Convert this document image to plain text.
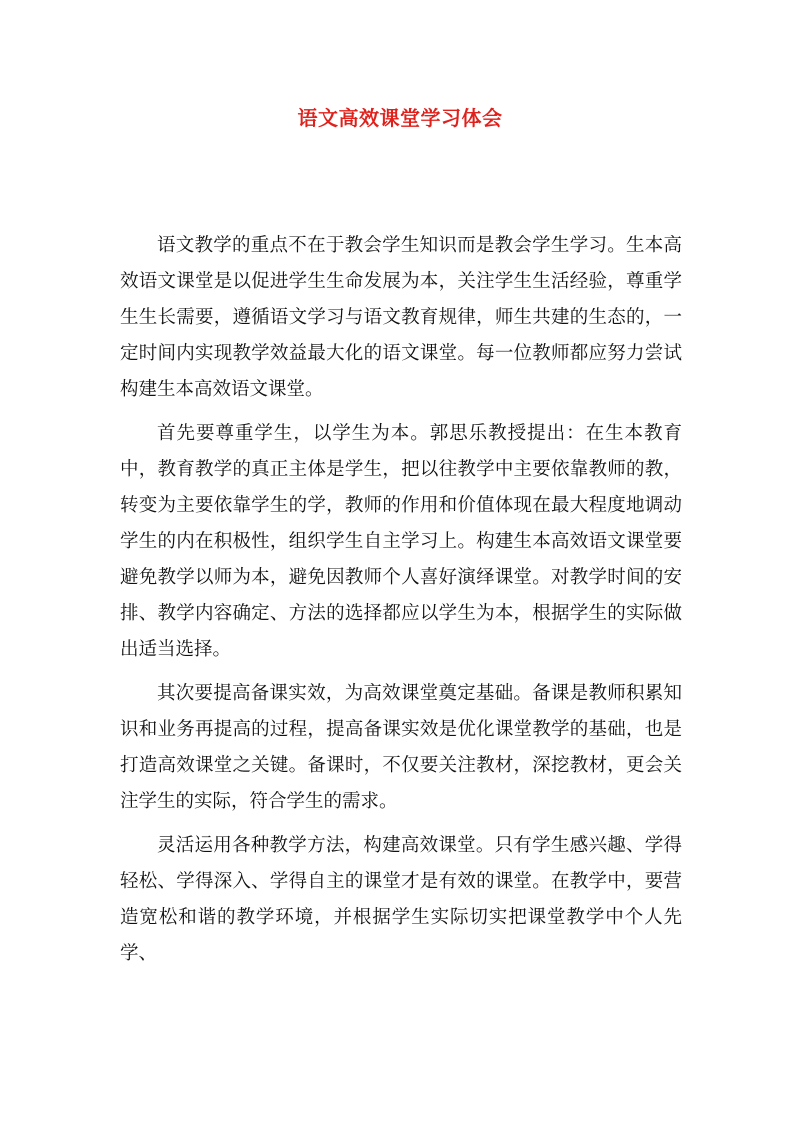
语文高效课堂学习体会

语文教学的重点不在于教会学生知识而是教会学生学习。生本高效语文课堂是以促进学生生命发展为本，关注学生生活经验，尊重学生生长需要，遵循语文学习与语文教育规律，师生共建的生态的，一定时间内实现教学效益最大化的语文课堂。每一位教师都应努力尝试构建生本高效语文课堂。

首先要尊重学生，以学生为本。郭思乐教授提出：在生本教育中，教育教学的真正主体是学生，把以往教学中主要依靠教师的教，转变为主要依靠学生的学，教师的作用和价值体现在最大程度地调动学生的内在积极性，组织学生自主学习上。构建生本高效语文课堂要避免教学以师为本，避免因教师个人喜好演绎课堂。对教学时间的安排、教学内容确定、方法的选择都应以学生为本，根据学生的实际做出适当选择。

其次要提高备课实效，为高效课堂奠定基础。备课是教师积累知识和业务再提高的过程，提高备课实效是优化课堂教学的基础，也是打造高效课堂之关键。备课时，不仅要关注教材，深挖教材，更会关注学生的实际，符合学生的需求。

灵活运用各种教学方法，构建高效课堂。只有学生感兴趣、学得轻松、学得深入、学得自主的课堂才是有效的课堂。在教学中，要营造宽松和谐的教学环境，并根据学生实际切实把课堂教学中个人先学、
